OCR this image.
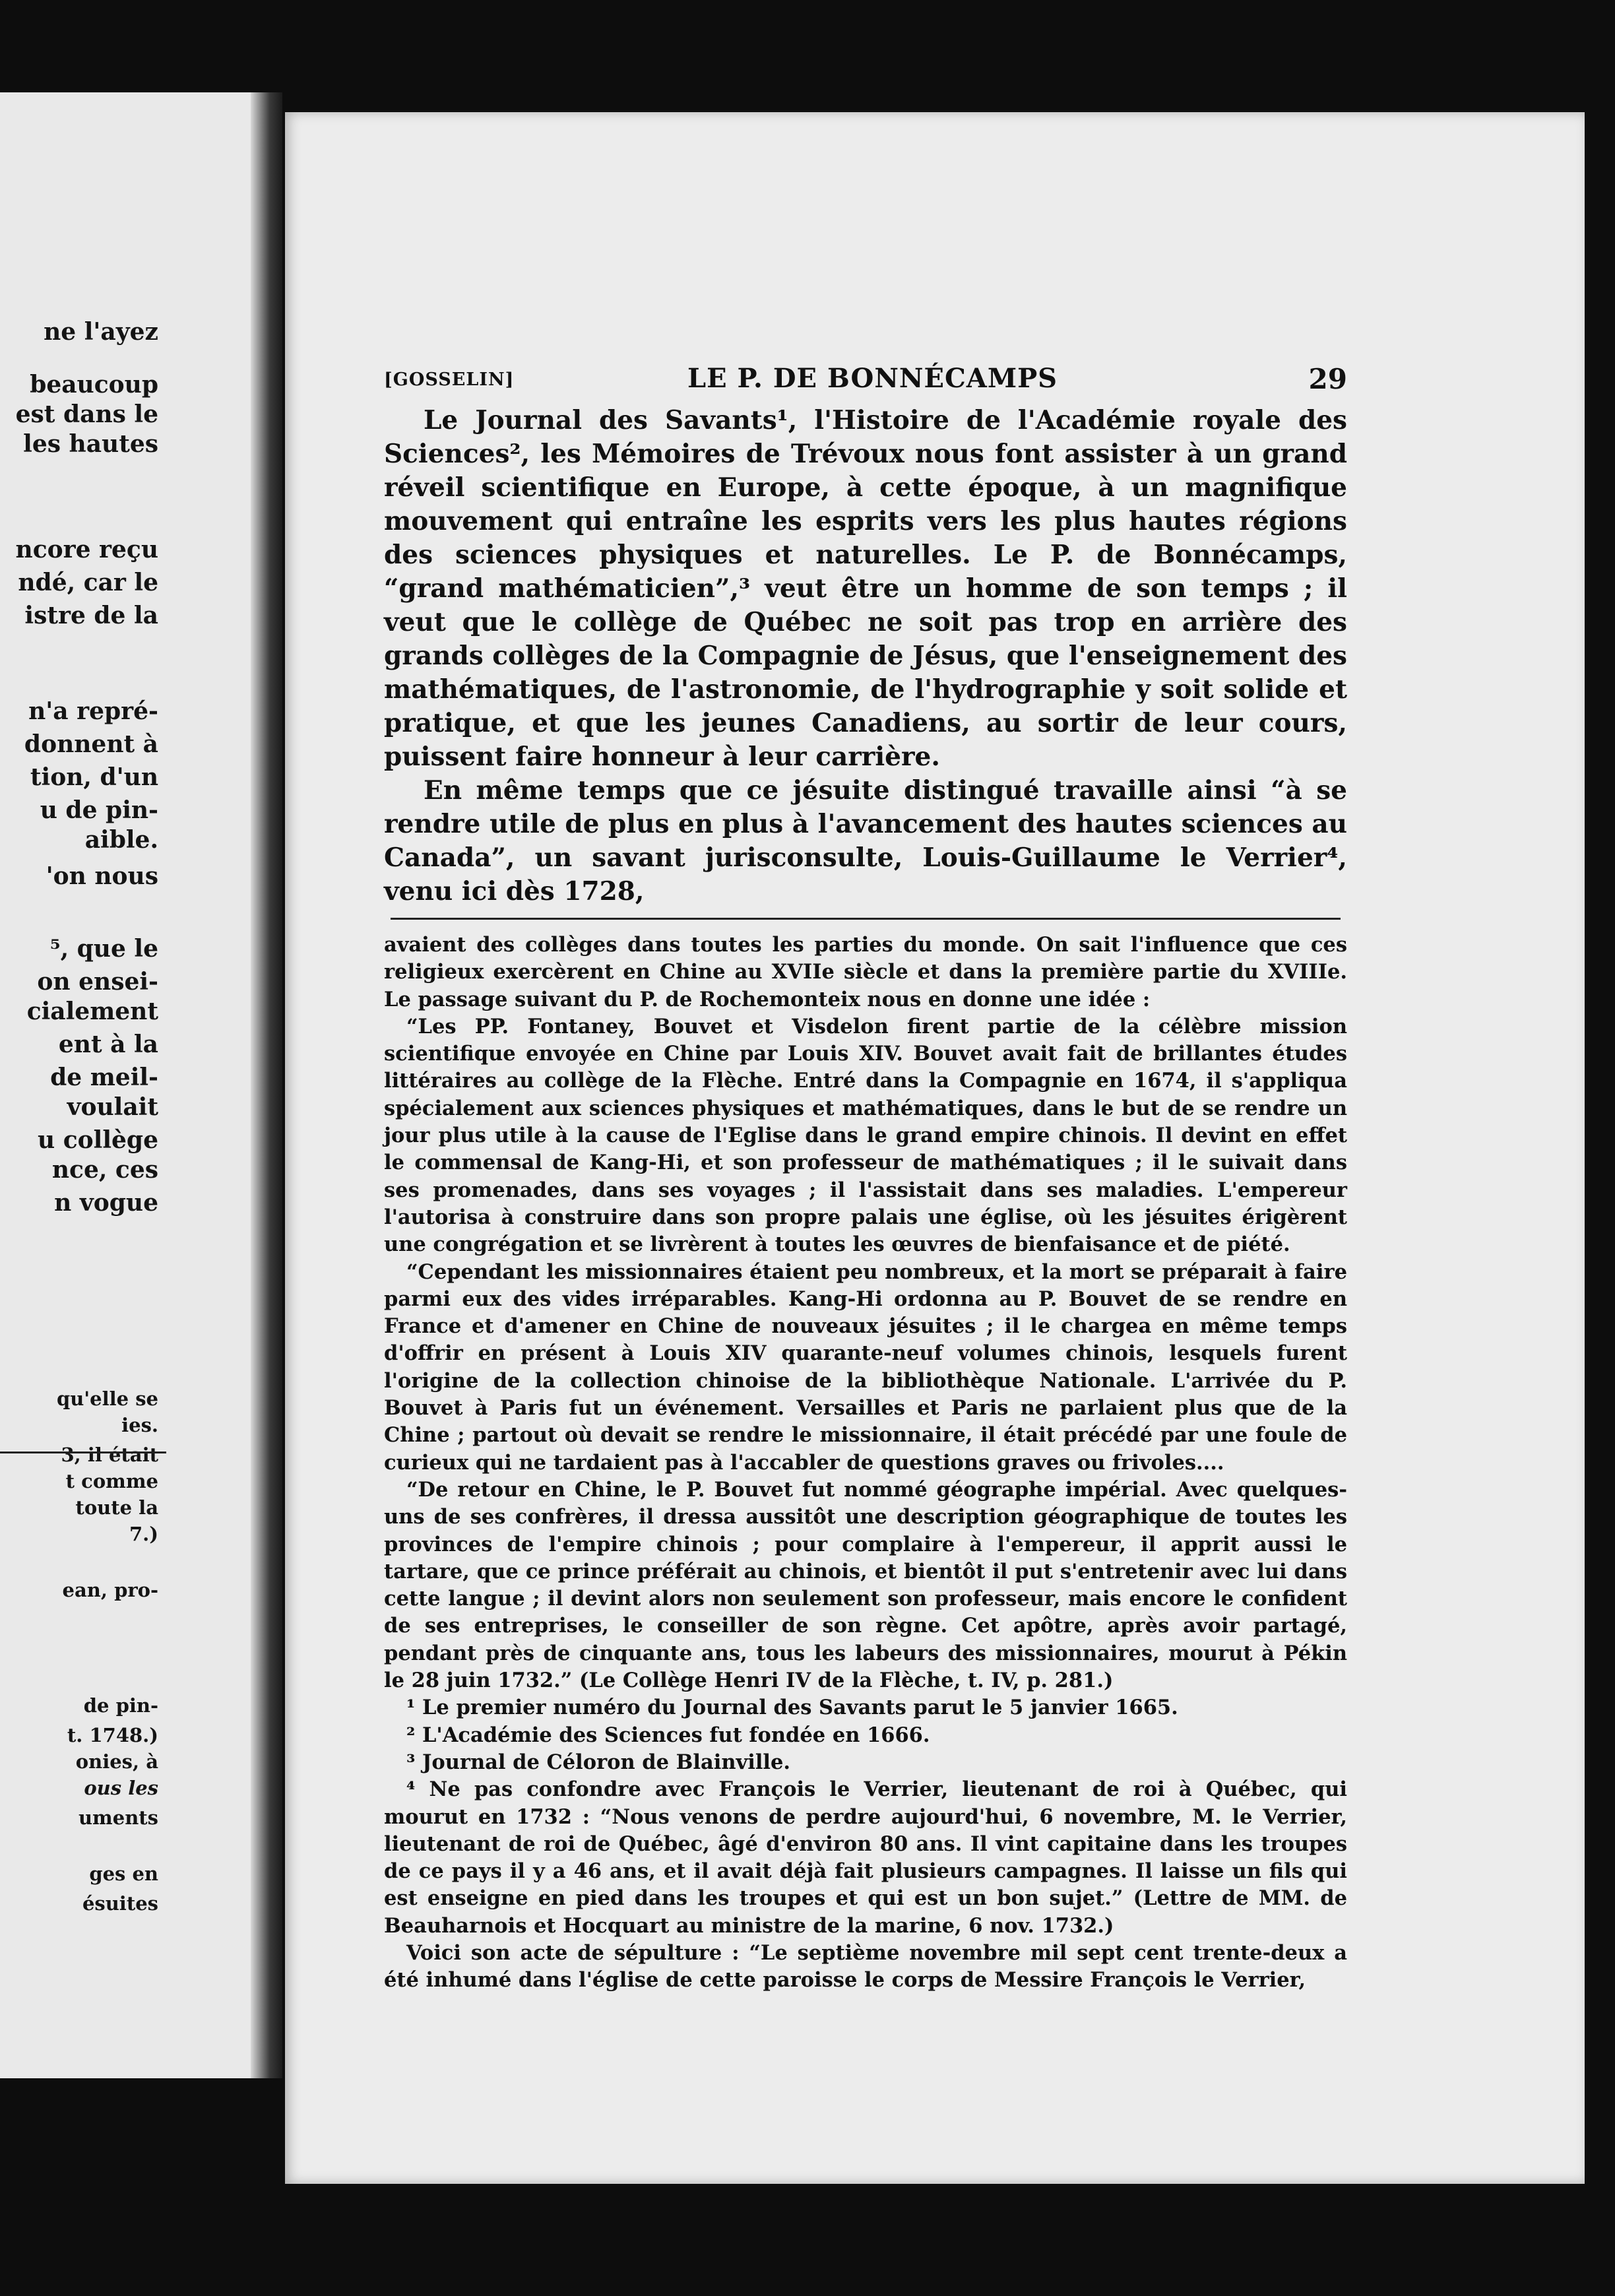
ne l'ayez
beaucoup
est dans le
les hautes
ncore reçu
ndé, car le
istre de la
n'a repré-
donnent à
tion, d'un
u de pin-
aible.
'on nous
⁵, que le
on ensei-
cialement
ent à la
de meil-
voulait
u collège
nce, ces
n vogue
qu'elle se
ies.
3, il était
t comme
toute la
7.)
ean, pro-
de pin-
t. 1748.)
onies, à
ous les
uments
ges en
ésuites
[GOSSELIN]	LE P. DE BONNÉCAMPS	29

Le Journal des Savants¹, l'Histoire de l'Académie royale des Sciences², les Mémoires de Trévoux nous font assister à un grand réveil scientifique en Europe, à cette époque, à un magnifique mouvement qui entraîne les esprits vers les plus hautes régions des sciences physiques et naturelles. Le P. de Bonnécamps, “grand mathématicien”,³ veut être un homme de son temps ; il veut que le collège de Québec ne soit pas trop en arrière des grands collèges de la Compagnie de Jésus, que l'enseignement des mathématiques, de l'astronomie, de l'hydrographie y soit solide et pratique, et que les jeunes Canadiens, au sortir de leur cours, puissent faire honneur à leur carrière.

En même temps que ce jésuite distingué travaille ainsi “à se rendre utile de plus en plus à l'avancement des hautes sciences au Canada”, un savant jurisconsulte, Louis-Guillaume le Verrier⁴, venu ici dès 1728,

avaient des collèges dans toutes les parties du monde. On sait l'influence que ces religieux exercèrent en Chine au XVIIe siècle et dans la première partie du XVIIIe. Le passage suivant du P. de Rochemonteix nous en donne une idée :

“Les PP. Fontaney, Bouvet et Visdelon firent partie de la célèbre mission scientifique envoyée en Chine par Louis XIV. Bouvet avait fait de brillantes études littéraires au collège de la Flèche. Entré dans la Compagnie en 1674, il s'appliqua spécialement aux sciences physiques et mathématiques, dans le but de se rendre un jour plus utile à la cause de l'Eglise dans le grand empire chinois. Il devint en effet le commensal de Kang-Hi, et son professeur de mathématiques ; il le suivait dans ses promenades, dans ses voyages ; il l'assistait dans ses maladies. L'empereur l'autorisa à construire dans son propre palais une église, où les jésuites érigèrent une congrégation et se livrèrent à toutes les œuvres de bienfaisance et de piété.

“Cependant les missionnaires étaient peu nombreux, et la mort se préparait à faire parmi eux des vides irréparables. Kang-Hi ordonna au P. Bouvet de se rendre en France et d'amener en Chine de nouveaux jésuites ; il le chargea en même temps d'offrir en présent à Louis XIV quarante-neuf volumes chinois, lesquels furent l'origine de la collection chinoise de la bibliothèque Nationale. L'arrivée du P. Bouvet à Paris fut un événement. Versailles et Paris ne parlaient plus que de la Chine ; partout où devait se rendre le missionnaire, il était précédé par une foule de curieux qui ne tardaient pas à l'accabler de questions graves ou frivoles....

“De retour en Chine, le P. Bouvet fut nommé géographe impérial. Avec quelques-uns de ses confrères, il dressa aussitôt une description géographique de toutes les provinces de l'empire chinois ; pour complaire à l'empereur, il apprit aussi le tartare, que ce prince préférait au chinois, et bientôt il put s'entretenir avec lui dans cette langue ; il devint alors non seulement son professeur, mais encore le confident de ses entreprises, le conseiller de son règne. Cet apôtre, après avoir partagé, pendant près de cinquante ans, tous les labeurs des missionnaires, mourut à Pékin le 28 juin 1732.” (Le Collège Henri IV de la Flèche, t. IV, p. 281.)

¹ Le premier numéro du Journal des Savants parut le 5 janvier 1665.

² L'Académie des Sciences fut fondée en 1666.

³ Journal de Céloron de Blainville.

⁴ Ne pas confondre avec François le Verrier, lieutenant de roi à Québec, qui mourut en 1732 : “Nous venons de perdre aujourd'hui, 6 novembre, M. le Verrier, lieutenant de roi de Québec, âgé d'environ 80 ans. Il vint capitaine dans les troupes de ce pays il y a 46 ans, et il avait déjà fait plusieurs campagnes. Il laisse un fils qui est enseigne en pied dans les troupes et qui est un bon sujet.” (Lettre de MM. de Beauharnois et Hocquart au ministre de la marine, 6 nov. 1732.)

Voici son acte de sépulture : “Le septième novembre mil sept cent trente-deux a été inhumé dans l'église de cette paroisse le corps de Messire François le Verrier,
